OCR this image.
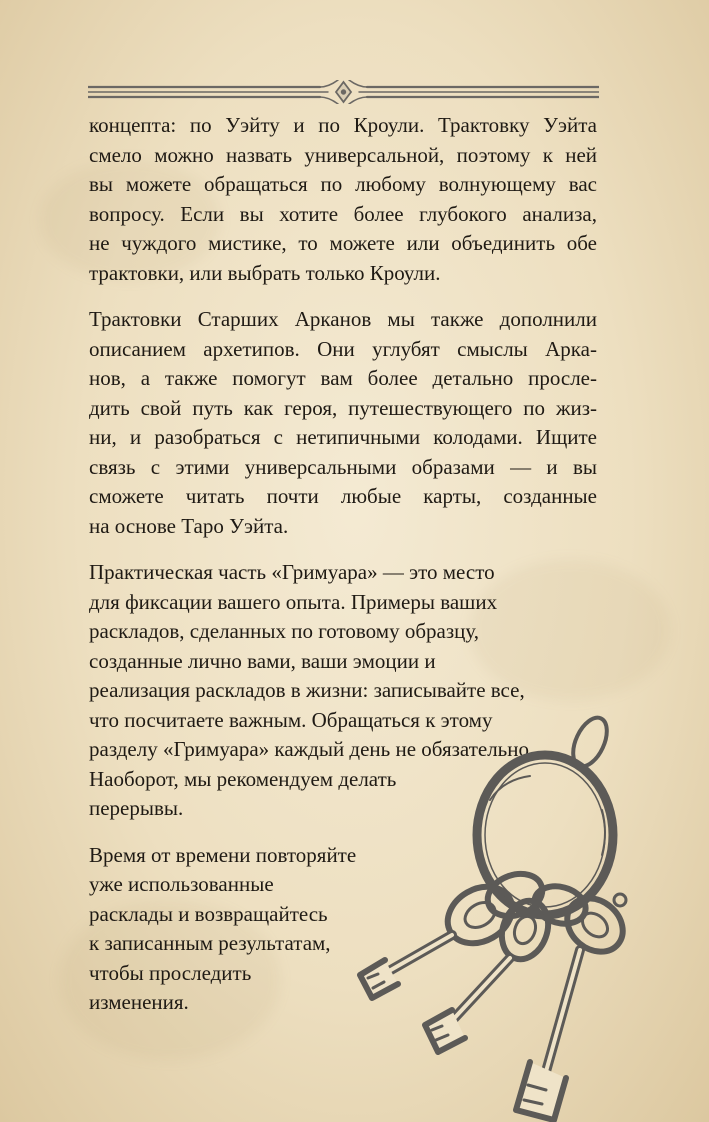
концепта: по Уэйту и по Кроули. Трактовку Уэйта
смело можно назвать универсальной, поэтому к ней
вы можете обращаться по любому волнующему вас
вопросу. Если вы хотите более глубокого анализа,
не чуждого мистике, то можете или объединить обе
трактовки, или выбрать только Кроули.

Трактовки Старших Арканов мы также дополнили
описанием архетипов. Они углубят смыслы Арка-
нов, а также помогут вам более детально просле-
дить свой путь как героя, путешествующего по жиз-
ни, и разобраться с нетипичными колодами. Ищите
связь с этими универсальными образами — и вы
сможете читать почти любые карты, созданные
на основе Таро Уэйта.

Практическая часть «Гримуара» — это место
для фиксации вашего опыта. Примеры ваших
раскладов, сделанных по готовому образцу,
созданные лично вами, ваши эмоции и
реализация раскладов в жизни: записывайте все,
что посчитаете важным. Обращаться к этому
разделу «Гримуара» каждый день не обязательно.
Наоборот, мы рекомендуем делать
перерывы.

Время от времени повторяйте
уже использованные
расклады и возвращайтесь
к записанным результатам,
чтобы проследить
изменения.
